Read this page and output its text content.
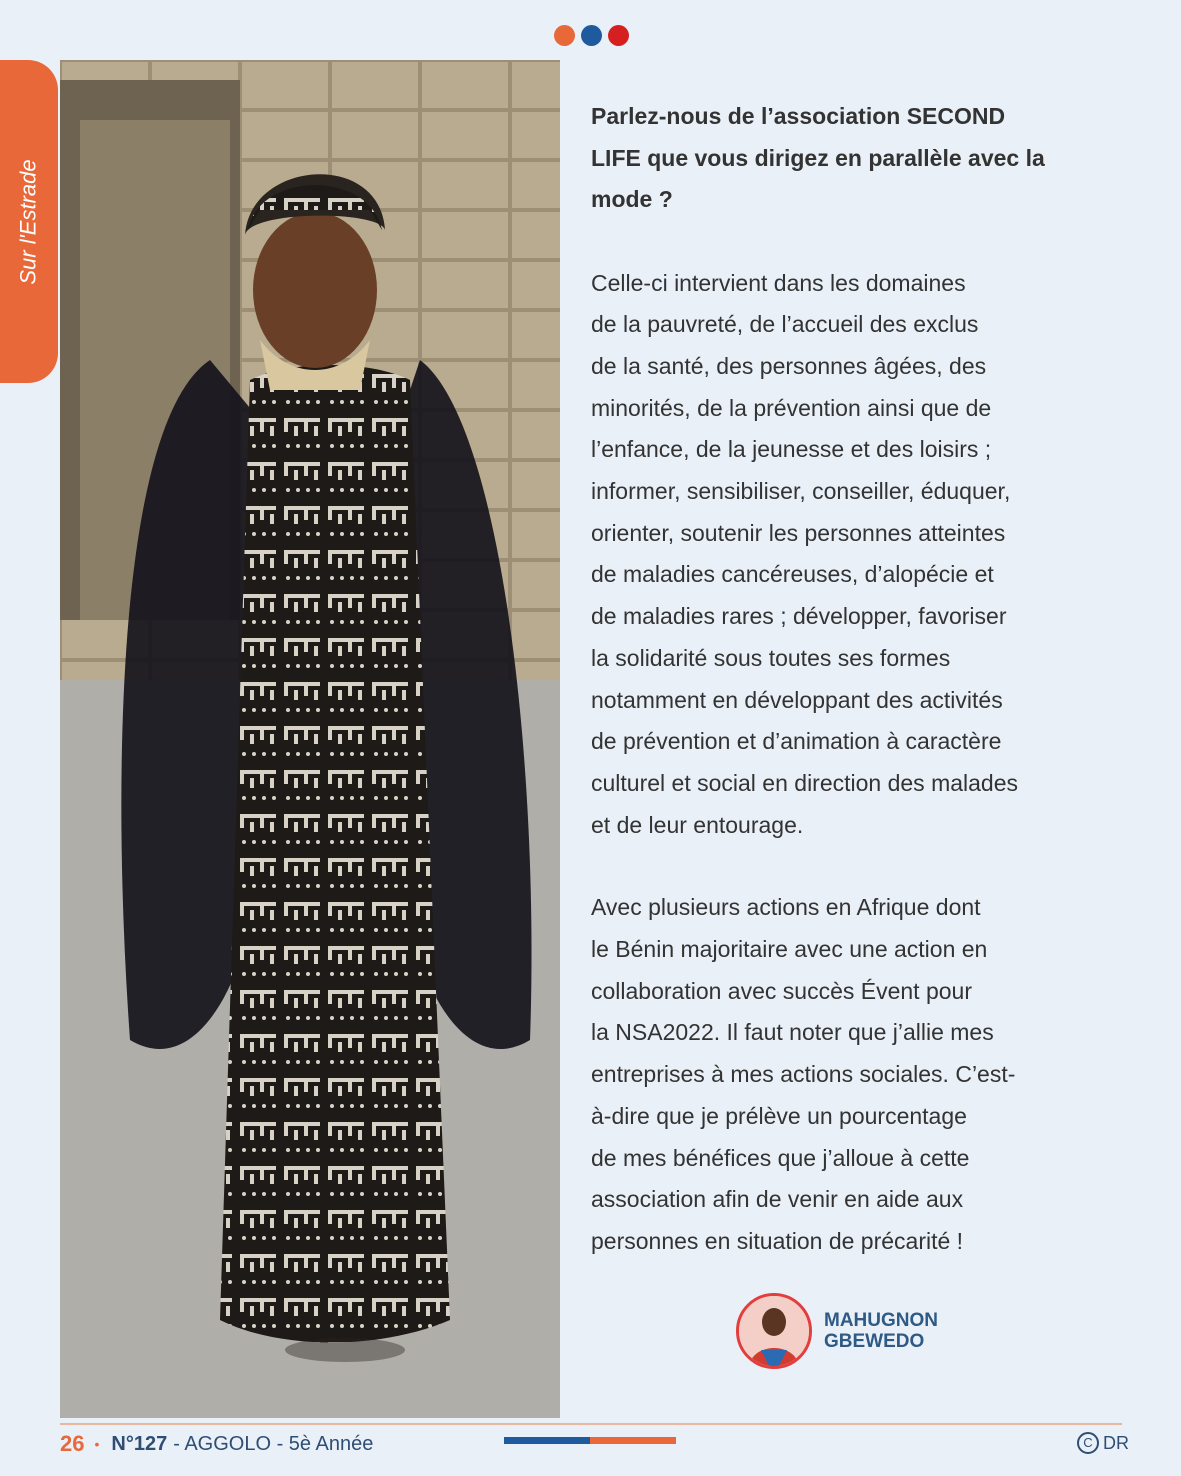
Sur l'Estrade
Parlez-nous de l’association SECOND
LIFE que vous dirigez en parallèle avec la
mode ?

Celle-ci intervient dans les domaines

de la pauvreté, de l’accueil des exclus

de la santé, des personnes âgées, des

minorités, de la prévention ainsi que de

l’enfance, de la jeunesse et des loisirs ;

informer, sensibiliser, conseiller, éduquer,

orienter, soutenir les personnes atteintes

de maladies cancéreuses, d’alopécie et

de maladies rares ; développer, favoriser

la solidarité sous toutes ses formes

notamment en développant des activités

de prévention et d’animation à caractère

culturel et social en direction des malades

et de leur entourage.

Avec plusieurs actions en Afrique dont

le Bénin majoritaire avec une action en

collaboration avec succès Évent pour

la NSA2022. Il faut noter que j’allie mes

entreprises à mes actions sociales. C’est-

à-dire que je prélève un pourcentage

de mes bénéfices que j’alloue à cette

association afin de venir en aide aux

personnes en situation de précarité !

MAHUGNON
GBEWEDO
26 • N°127 - AGGOLO - 5è Année	C DR
